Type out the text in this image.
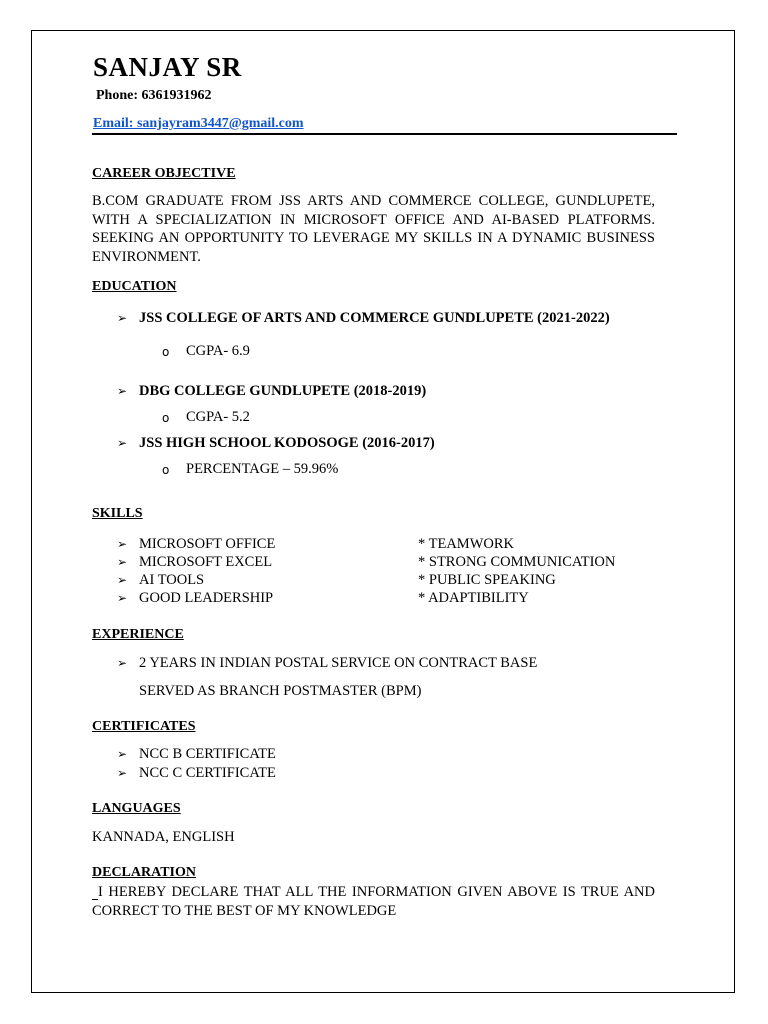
SANJAY SR
Phone: 6361931962
Email: sanjayram3447@gmail.com
CAREER OBJECTIVE
B.COM GRADUATE FROM JSS ARTS AND COMMERCE COLLEGE, GUNDLUPETE, WITH A SPECIALIZATION IN MICROSOFT OFFICE AND AI-BASED PLATFORMS. SEEKING AN OPPORTUNITY TO LEVERAGE MY SKILLS IN A DYNAMIC BUSINESS ENVIRONMENT.
EDUCATION
➢ JSS COLLEGE OF ARTS AND COMMERCE GUNDLUPETE (2021-2022)
o CGPA- 6.9
➢ DBG COLLEGE GUNDLUPETE (2018-2019)
o CGPA- 5.2
➢ JSS HIGH SCHOOL KODOSOGE (2016-2017)
o PERCENTAGE – 59.96%
SKILLS
➢ MICROSOFT OFFICE
➢ MICROSOFT EXCEL
➢ AI TOOLS
➢ GOOD LEADERSHIP
* TEAMWORK
* STRONG COMMUNICATION
* PUBLIC SPEAKING
* ADAPTIBILITY
EXPERIENCE
➢ 2 YEARS IN INDIAN POSTAL SERVICE ON CONTRACT BASE
SERVED AS BRANCH POSTMASTER (BPM)
CERTIFICATES
➢ NCC B CERTIFICATE
➢ NCC C CERTIFICATE
LANGUAGES
KANNADA, ENGLISH
DECLARATION
I HEREBY DECLARE THAT ALL THE INFORMATION GIVEN ABOVE IS TRUE AND CORRECT TO THE BEST OF MY KNOWLEDGE
